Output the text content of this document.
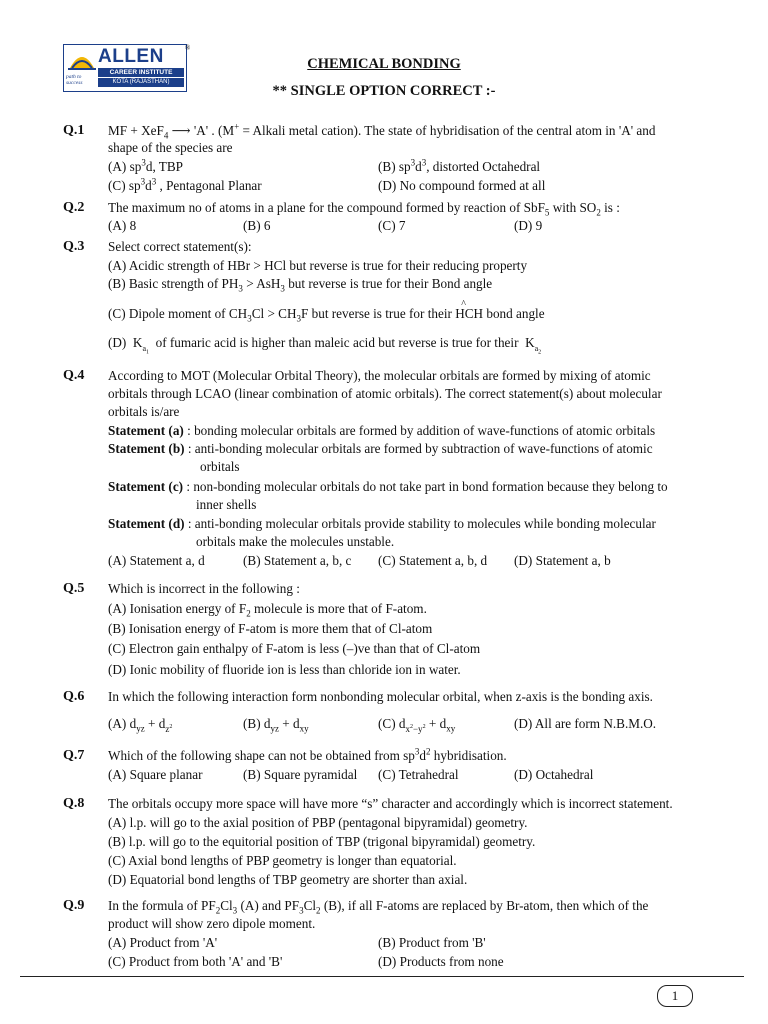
ALLEN
CAREER INSTITUTE
KOTA (RAJASTHAN)
path to success
®
CHEMICAL BONDING
** SINGLE OPTION CORRECT :-
Q.1 MF + XeF$_4$ ⟶ 'A' . (M+ = Alkali metal cation). The state of hybridisation of the central atom in 'A' and
shape of the species are
(A) $sp^3d$, TBP	(B) $sp^3d^3$, distorted Octahedral
(C) $sp^3d^3$ , Pentagonal Planar	(D) No compound formed at all
Q.2 The maximum no of atoms in a plane for the compound formed by reaction of SbF$_5$ with $SO_2$ is :
(A) 8	(B) 6	(C) 7	(D) 9
Q.3 Select correct statement(s):
(A) Acidic strength of HBr > HCl but reverse is true for their reducing property
(B) Basic strength of $PH_3 > AsH_3$ but reverse is true for their Bond angle
(C) Dipole moment of $CH_3Cl > CH_3F$ but reverse is true for their H
^
CH bond angle
(D)  $K_{a_1}$  of fumaric acid is higher than maleic acid but reverse is true for their  $K_{a_2}$
Q.4 According to MOT (Molecular Orbital Theory), the molecular orbitals are formed by mixing of atomic
orbitals through LCAO (linear combination of atomic orbitals). The correct statement(s) about molecular
orbitals is/are
Statement (a) : bonding molecular orbitals are formed by addition of wave-functions of atomic orbitals
Statement (b) : anti-bonding molecular orbitals are formed by subtraction of wave-functions of atomic
orbitals
Statement (c) : non-bonding molecular orbitals do not take part in bond formation because they belong to
inner shells
Statement (d) : anti-bonding molecular orbitals provide stability to molecules while bonding molecular
orbitals make the molecules unstable.
(A) Statement a, d	(B) Statement a, b, c (C) Statement a, b, d (D) Statement a, b
Q.5 Which is incorrect in the following :
(A) Ionisation energy of $F_2$ molecule is more that of F-atom.
(B) Ionisation energy of F-atom is more them that of Cl-atom
(C) Electron gain enthalpy of F-atom is less (–)ve than that of Cl-atom
(D) Ionic mobility of fluoride ion is less than chloride ion in water.
Q.6 In which the following interaction form nonbonding molecular orbital, when z-axis is the bonding axis.
(A) $d_{yz} + d_{z^2}$	(B) $d_{yz} + d_{xy}$	(C) $d_{x^2-y^2} + d_{xy}$	(D) All are form N.B.M.O.
Q.7 Which of the following shape can not be obtained from $sp^3d^2$ hybridisation.
(A) Square planar	(B) Square pyramidal (C) Tetrahedral	(D) Octahedral
Q.8 The orbitals occupy more space will have more “s” character and accordingly which is incorrect statement.
(A) l.p. will go to the axial position of PBP (pentagonal bipyramidal) geometry.
(B) l.p. will go to the equitorial position of TBP (trigonal bipyramidal) geometry.
(C) Axial bond lengths of PBP geometry is longer than equatorial.
(D) Equatorial bond lengths of TBP geometry are shorter than axial.
Q.9 In the formula of $PF_2Cl_3$ (A) and $PF_3Cl_2$ (B), if all F-atoms are replaced by Br-atom, then which of the
product will show zero dipole moment.
(A) Product from 'A'	(B) Product from 'B'
(C) Product from both 'A' and 'B'	(D) Products from none
1
